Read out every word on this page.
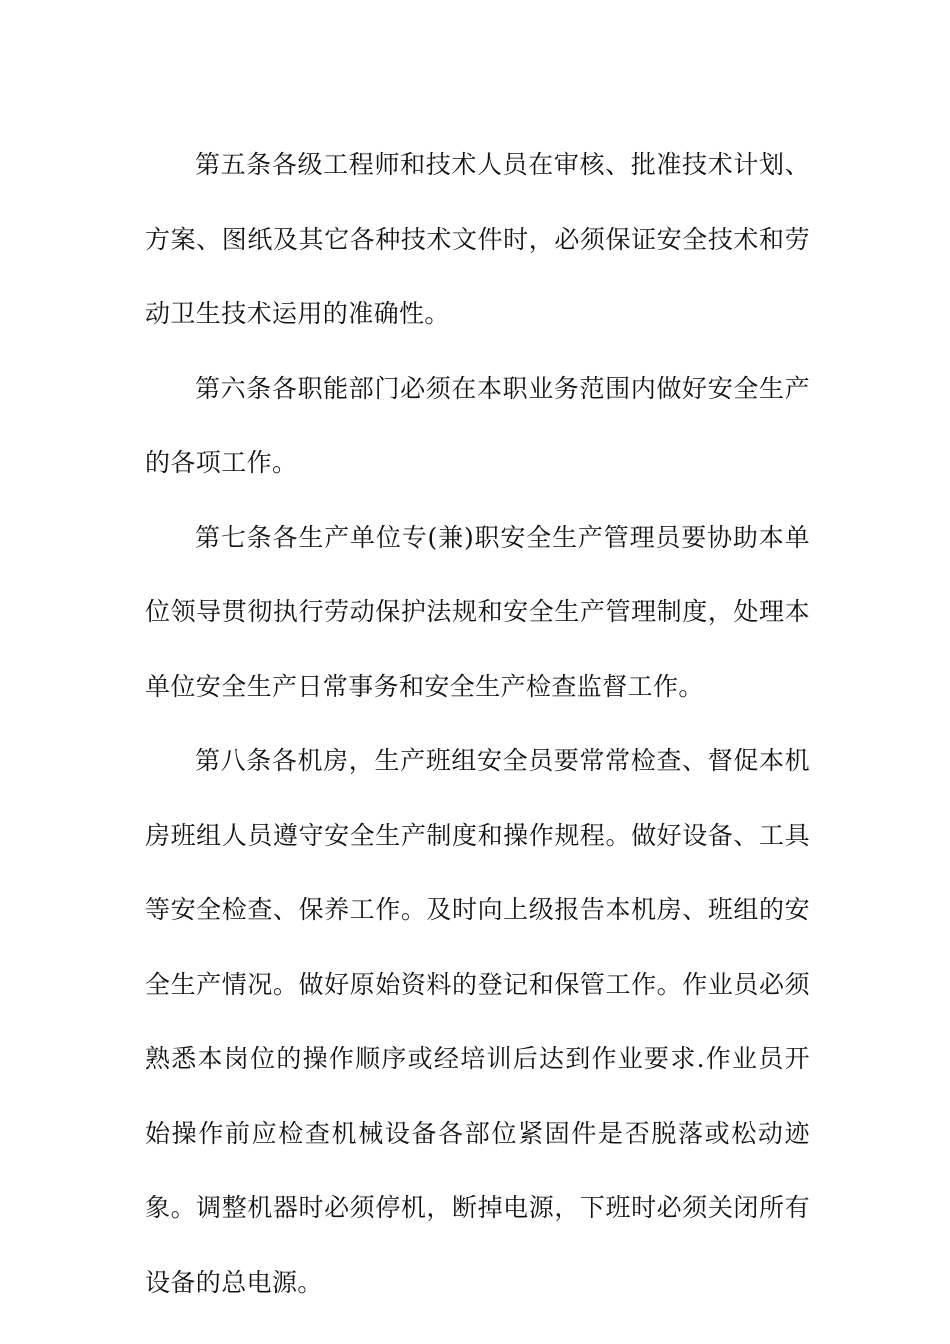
第五条各级工程师和技术人员在审核、批准技术计划、方案、图纸及其它各种技术文件时，必须保证安全技术和劳动卫生技术运用的准确性。

第六条各职能部门必须在本职业务范围内做好安全生产的各项工作。

第七条各生产单位专(兼)职安全生产管理员要协助本单位领导贯彻执行劳动保护法规和安全生产管理制度，处理本单位安全生产日常事务和安全生产检查监督工作。

第八条各机房，生产班组安全员要常常检查、督促本机房班组人员遵守安全生产制度和操作规程。做好设备、工具等安全检查、保养工作。及时向上级报告本机房、班组的安全生产情况。做好原始资料的登记和保管工作。作业员必须熟悉本岗位的操作顺序或经培训后达到作业要求.作业员开始操作前应检查机械设备各部位紧固件是否脱落或松动迹象。调整机器时必须停机，断掉电源，下班时必须关闭所有设备的总电源。
